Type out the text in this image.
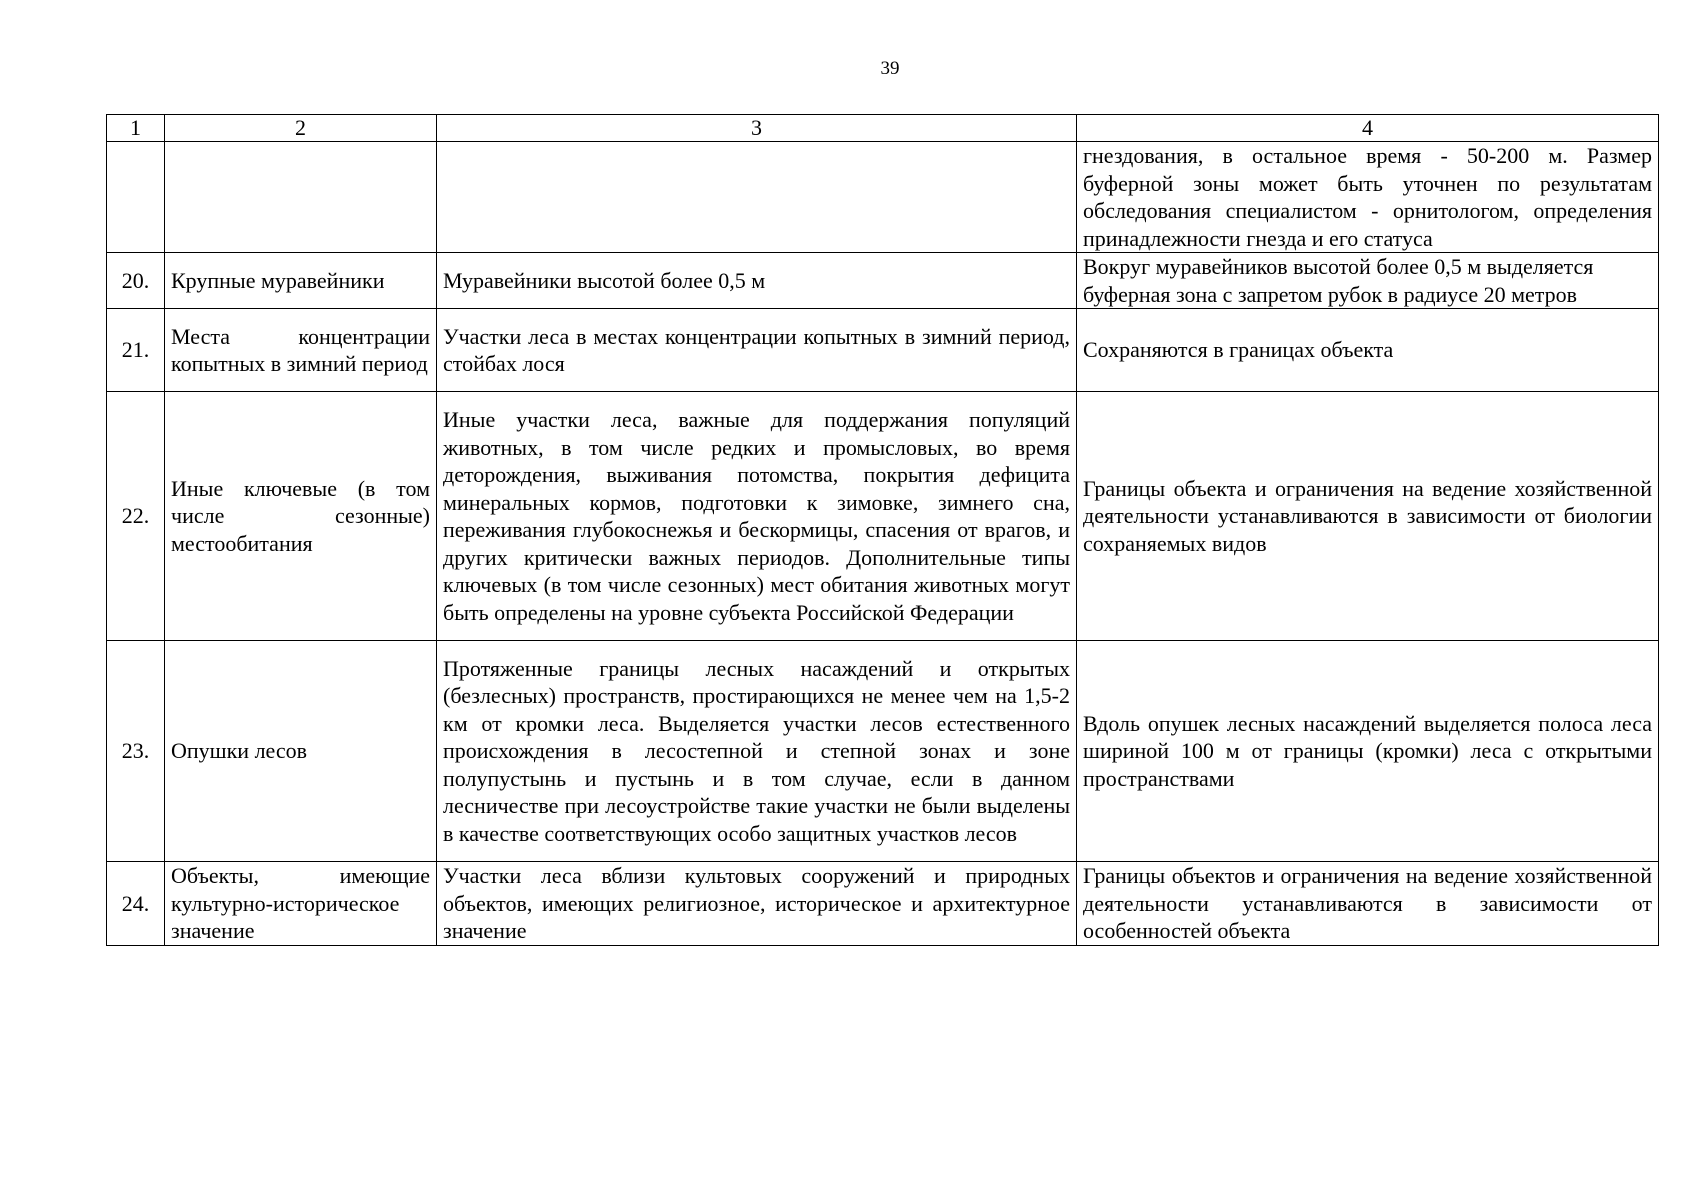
39
1	2	3	4
			гнездования, в остальное время - 50-200 м. Размер буферной зоны может быть уточнен по результатам обследования специалистом - орнитологом, определения принадлежности гнезда и его статуса
20.	Крупные муравейники	Муравейники высотой более 0,5 м	Вокруг муравейников высотой более 0,5 м выделяется буферная зона с запретом рубок в радиусе 20 метров
21.	Места концентрации копытных в зимний период	Участки леса в местах концентрации копытных в зимний период, стойбах лося	Сохраняются в границах объекта
22.	Иные ключевые (в том числе сезонные) местообитания	Иные участки леса, важные для поддержания популяций животных, в том числе редких и промысловых, во время деторождения, выживания потомства, покрытия дефицита минеральных кормов, подготовки к зимовке, зимнего сна, переживания глубокоснежья и бескормицы, спасения от врагов, и других критически важных периодов. Дополнительные типы ключевых (в том числе сезонных) мест обитания животных могут быть определены на уровне субъекта Российской Федерации	Границы объекта и ограничения на ведение хозяйственной деятельности устанавливаются в зависимости от биологии сохраняемых видов
23.	Опушки лесов	Протяженные границы лесных насаждений и открытых (безлесных) пространств, простирающихся не менее чем на 1,5-2 км от кромки леса. Выделяется участки лесов естественного происхождения в лесостепной и степной зонах и зоне полупустынь и пустынь и в том случае, если в данном лесничестве при лесоустройстве такие участки не были выделены в качестве соответствующих особо защитных участков лесов	Вдоль опушек лесных насаждений выделяется полоса леса шириной 100 м от границы (кромки) леса с открытыми пространствами
24.	Объекты, имеющие культурно-историческое значение	Участки леса вблизи культовых сооружений и природных объектов, имеющих религиозное, историческое и архитектурное значение	Границы объектов и ограничения на ведение хозяйственной деятельности устанавливаются в зависимости от особенностей объекта
